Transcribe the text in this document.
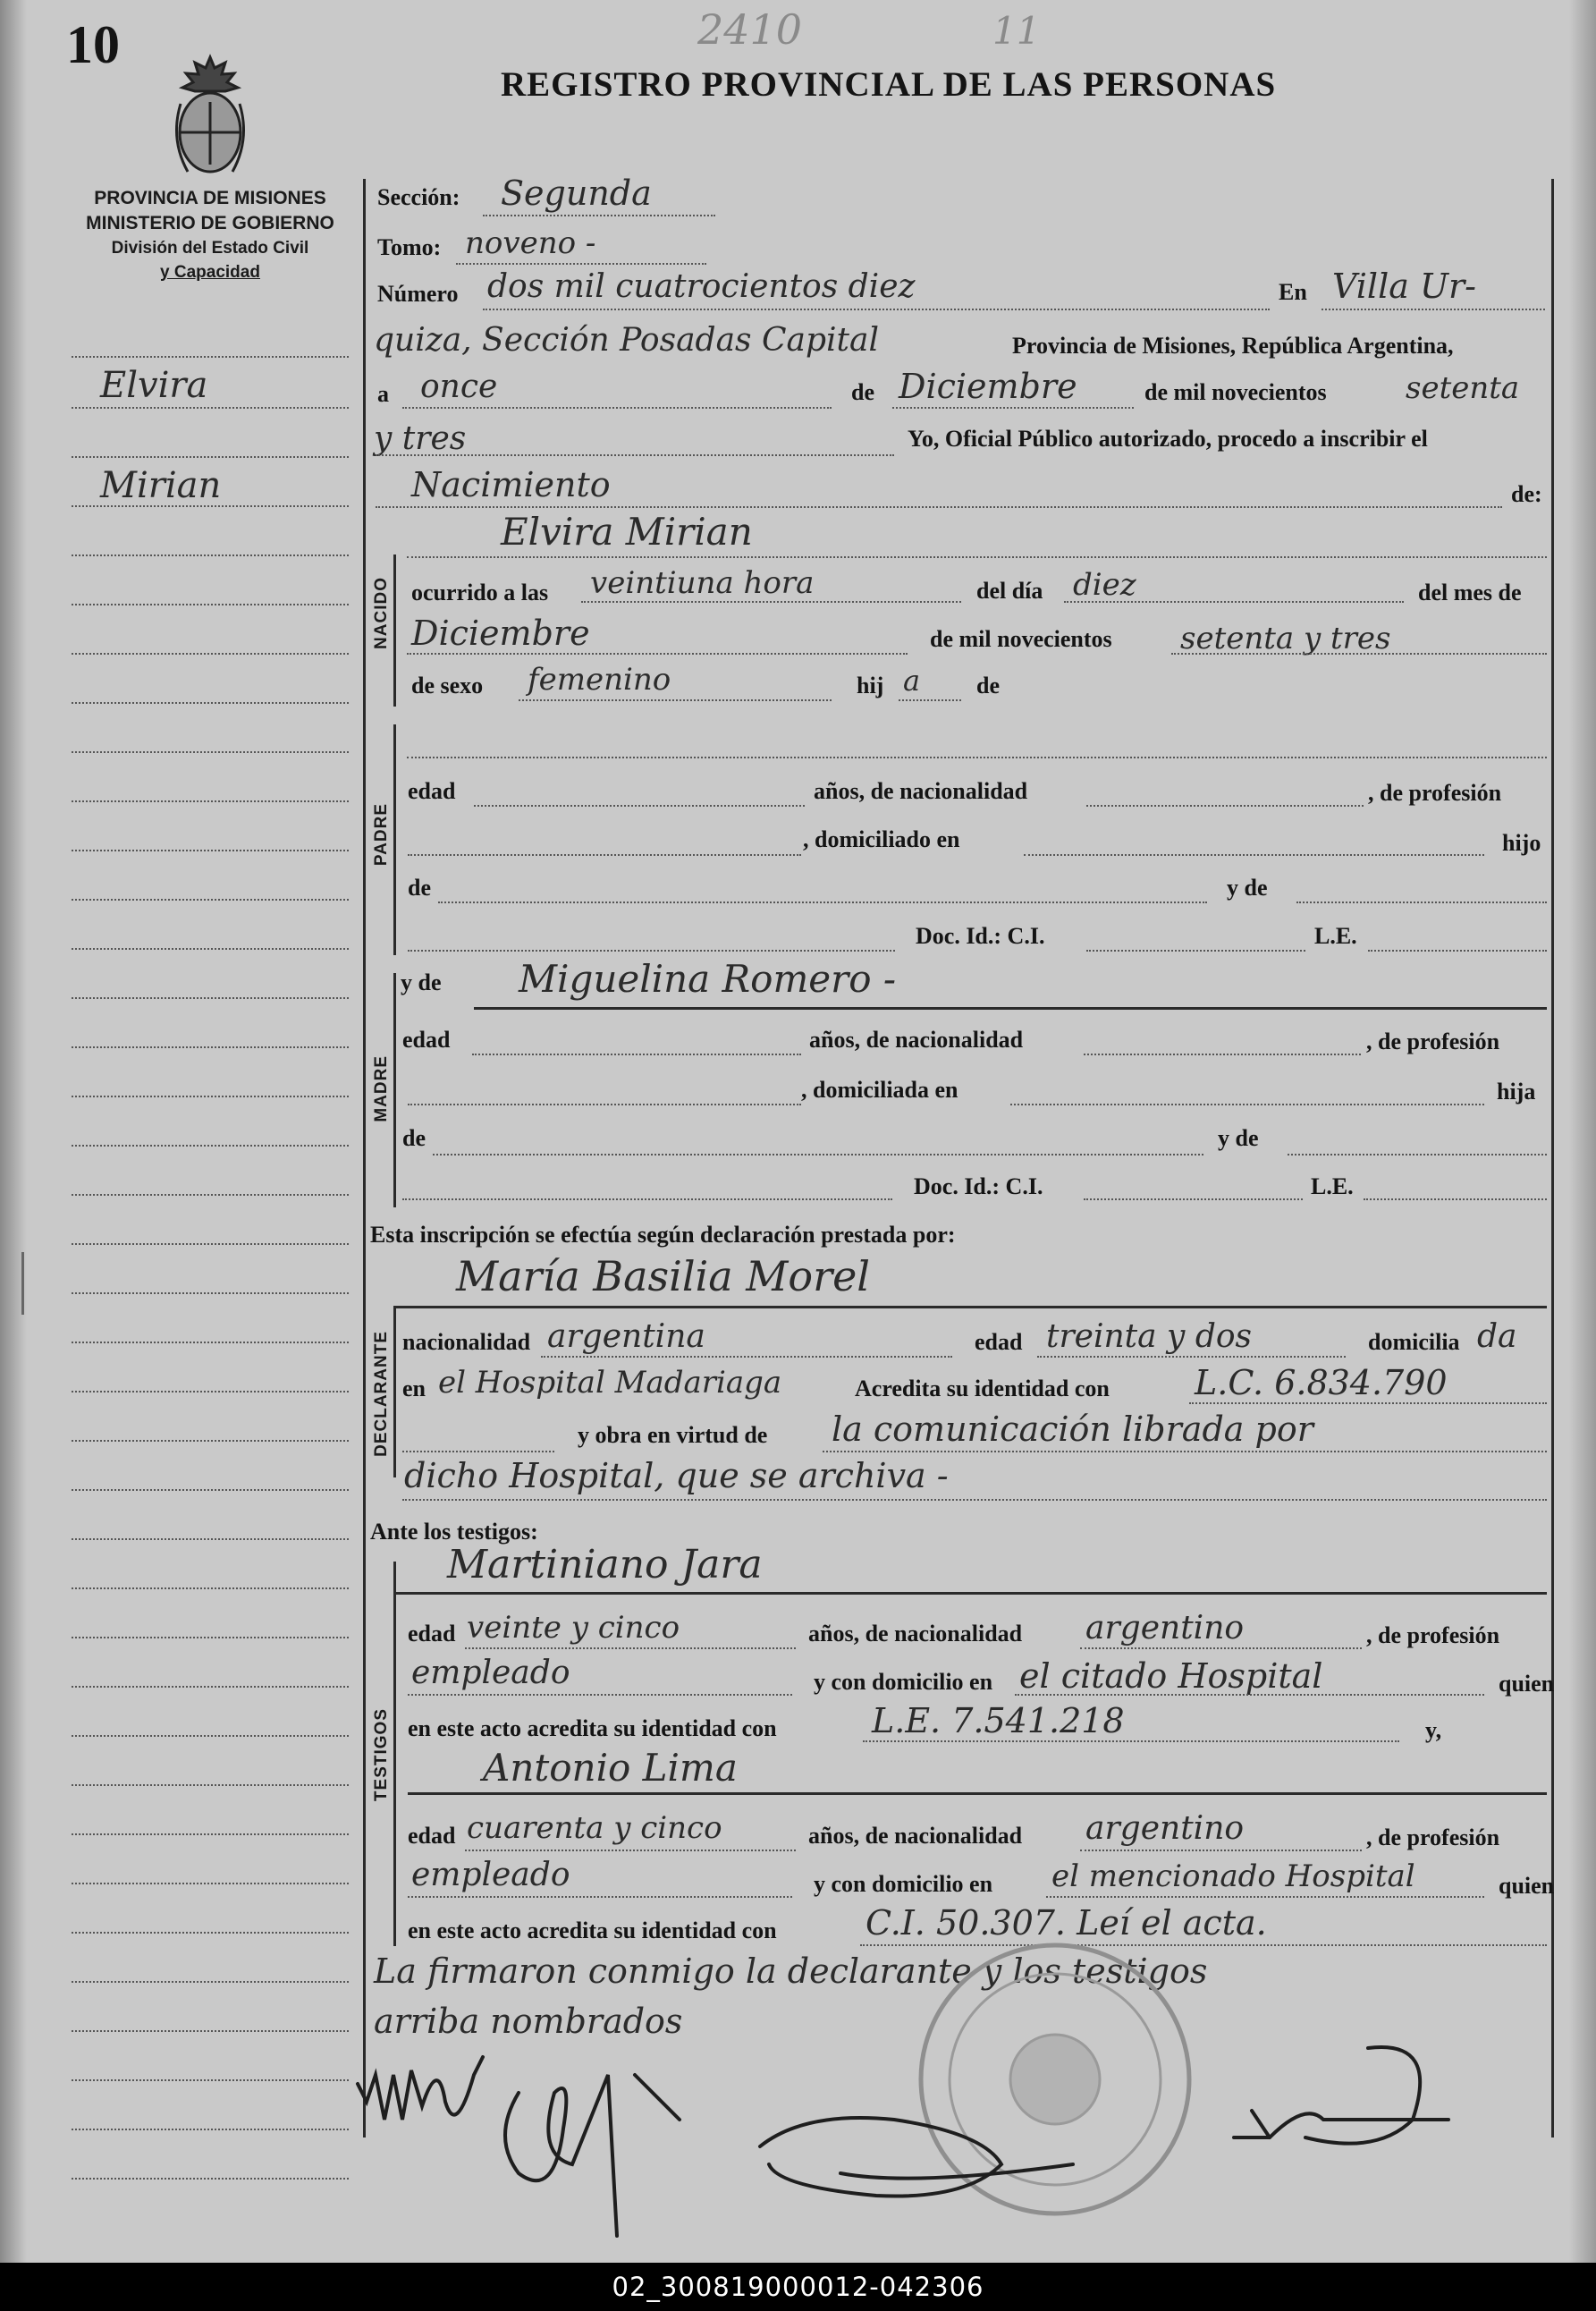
10	2410	11
REGISTRO PROVINCIAL DE LAS PERSONAS
PROVINCIA DE MISIONES
MINISTERIO DE GOBIERNO
División del Estado Civil
y Capacidad
Elvira
Mirian
Sección: Segunda
Tomo: noveno -
Número dos mil cuatrocientos diez	En Villa Ur-
quiza, Sección Posadas Capital	Provincia de Misiones, República Argentina,
a once	de Diciembre	de mil novecientos	setenta
y tres	Yo, Oficial Público autorizado, procedo a inscribir el
Nacimiento	de:
Elvira Mirian
NACIDO ocurrido a las veintiuna hora	del día diez	del mes de
Diciembre	de mil novecientos setenta y tres
de sexo femenino	hij a de
PADRE
edad	años, de nacionalidad	, de profesión
, domiciliado en	hijo
de	y de
Doc. Id.: C.I.	L.E.
y de Miguelina Romero -
MADRE
edad	años, de nacionalidad	, de profesión
, domiciliada en	hija
de	y de
Doc. Id.: C.I.	L.E.
Esta inscripción se efectúa según declaración prestada por:
María Basilia Morel
DECLARANTE nacionalidad argentina	edad treinta y dos	domicilia da
en el Hospital Madariaga	Acredita su identidad con	L.C. 6.834.790
y obra en virtud de la comunicación librada por
dicho Hospital, que se archiva -
Ante los testigos:
Martiniano Jara
TESTIGOS
edad veinte y cinco	años, de nacionalidad argentino	, de profesión
empleado	y con domicilio en el citado Hospital	quien
en este acto acredita su identidad con	L.E. 7.541.218	y,
Antonio Lima
edad cuarenta y cinco	años, de nacionalidad argentino	, de profesión
empleado	y con domicilio en el mencionado Hospital	quien
en este acto acredita su identidad con	C.I. 50.307. Leí el acta.
La firmaron conmigo la declarante y los testigos
arriba nombrados
02_300819000012-042306
